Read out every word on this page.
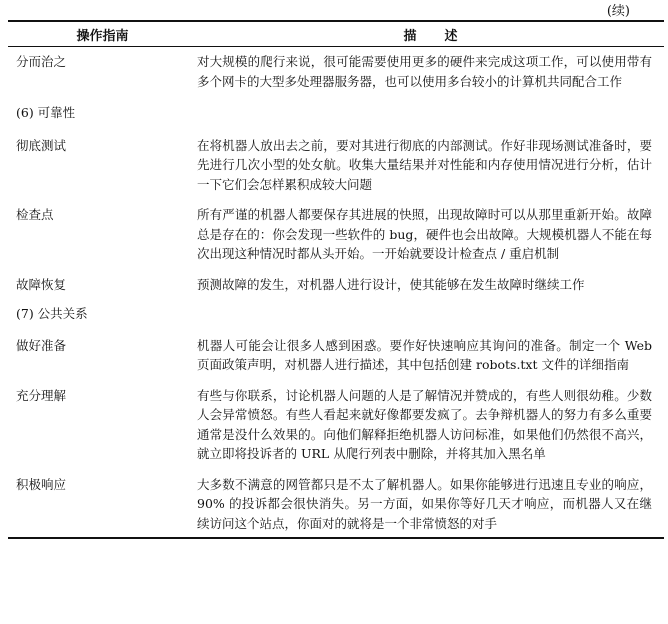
(续)
操作指南	描述
分而治之	对大规模的爬行来说，很可能需要使用更多的硬件来完成这项工作，可以使用带有多个网卡的大型多处理器服务器，也可以使用多台较小的计算机共同配合工作
(6) 可靠性
彻底测试	在将机器人放出去之前，要对其进行彻底的内部测试。作好非现场测试准备时，要先进行几次小型的处女航。收集大量结果并对性能和内存使用情况进行分析，估计一下它们会怎样累积成较大问题
检查点	所有严谨的机器人都要保存其进展的快照，出现故障时可以从那里重新开始。故障总是存在的：你会发现一些软件的 bug，硬件也会出故障。大规模机器人不能在每次出现这种情况时都从头开始。一开始就要设计检查点 / 重启机制
故障恢复	预测故障的发生，对机器人进行设计，使其能够在发生故障时继续工作
(7) 公共关系
做好准备	机器人可能会让很多人感到困惑。要作好快速响应其询问的准备。制定一个 Web 页面政策声明，对机器人进行描述，其中包括创建 robots.txt 文件的详细指南
充分理解	有些与你联系，讨论机器人问题的人是了解情况并赞成的，有些人则很幼稚。少数人会异常愤怒。有些人看起来就好像都要发疯了。去争辩机器人的努力有多么重要通常是没什么效果的。向他们解释拒绝机器人访问标准，如果他们仍然很不高兴，就立即将投诉者的 URL 从爬行列表中删除，并将其加入黑名单
积极响应	大多数不满意的网管都只是不太了解机器人。如果你能够进行迅速且专业的响应，90% 的投诉都会很快消失。另一方面，如果你等好几天才响应，而机器人又在继续访问这个站点，你面对的就将是一个非常愤怒的对手
